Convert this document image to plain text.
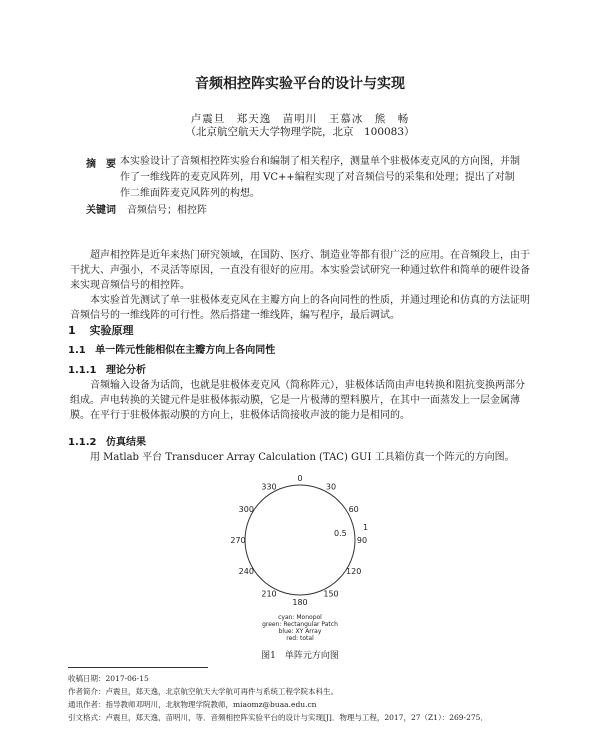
音频相控阵实验平台的设计与实现
卢震旦　郑天逸　苗明川　王慕冰　熊　畅
（北京航空航天大学物理学院，北京　100083）
摘　要 本实验设计了音频相控阵实验台和编制了相关程序，测量单个驻极体麦克风的方向图，并制作了一维线阵的麦克风阵列，用 VC++编程实现了对音频信号的采集和处理；提出了对制作二维面阵麦克风阵列的构想。
关键词 音频信号；相控阵
超声相控阵是近年来热门研究领域，在国防、医疗、制造业等都有很广泛的应用。在音频段上，由于干扰大、声强小，不灵活等原因，一直没有很好的应用。本实验尝试研究一种通过软件和简单的硬件设备来实现音频信号的相控阵。
本实验首先测试了单一驻极体麦克风在主瓣方向上的各向同性的性质，并通过理论和仿真的方法证明音频信号的一维线阵的可行性。然后搭建一维线阵，编写程序，最后调试。
1 实验原理
1.1 单一阵元性能相似在主瓣方向上各向同性
1.1.1 理论分析
音频输入设备为话筒，也就是驻极体麦克风（简称阵元），驻极体话筒由声电转换和阻抗变换两部分组成。声电转换的关键元件是驻极体振动膜，它是一片极薄的塑料膜片，在其中一面蒸发上一层金属薄膜。在平行于驻极体振动膜的方向上，驻极体话筒接收声波的能力是相同的。
1.1.2 仿真结果
用 Matlab 平台 Transducer Array Calculation (TAC) GUI 工具箱仿真一个阵元的方向图。
0
30
60
90
120
150
180
210
240
270
300
330
0.5
1
cyan: Monopol
green: Rectangular Patch
blue: XY Array
red: total
图1　单阵元方向图
收稿日期：2017-06-15
作者简介：卢震旦，郑天逸，北京航空航天大学航可再件与系统工程学院本科生。
通讯作者：指导教师邓明川，北航物理学院教师，miaomz@buaa.edu.cn
引文格式：卢震旦，郑天逸，苗明川，等．音频相控阵实验平台的设计与实现[J]．物理与工程，2017，27（Z1）：269-275．
